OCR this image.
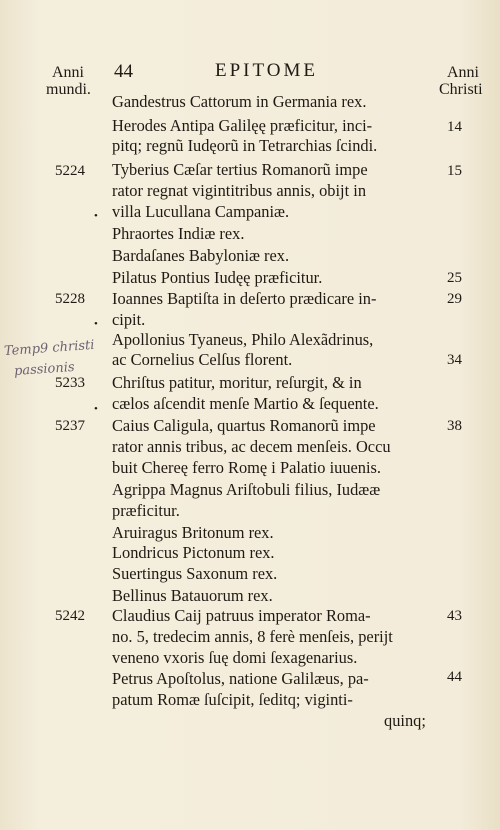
Anni
mundi.
44	EPITOME	Anni
Christi
Gandestrus Cattorum in Germania rex.
Herodes Antipa Galilęę præficitur, inci-
pitq; regnũ Iudęorũ in Tetrarchias ſcindi.
Tyberius Cæſar tertius Romanorũ impe
rator regnat vigintitribus annis, obijt in
villa Lucullana Campaniæ.
Phraortes Indiæ rex.
Bardaſanes Babyloniæ rex.
Pilatus Pontius Iudęę præficitur.
Ioannes Baptiſta in deſerto prædicare in-
cipit.
Apollonius Tyaneus, Philo Alexãdrinus,
ac Cornelius Celſus florent.
Chriſtus patitur, moritur, reſurgit, & in
cælos aſcendit menſe Martio & ſequente.
Caius Caligula, quartus Romanorũ impe
rator annis tribus, ac decem menſeis. Occu
buit Chereę ferro Romę i Palatio iuuenis.
Agrippa Magnus Ariſtobuli filius, Iudææ
præficitur.
Aruiragus Britonum rex.
Londricus Pictonum rex.
Suertingus Saxonum rex.
Bellinus Batauorum rex.
Claudius Caij patruus imperator Roma-
no. 5, tredecim annis, 8 ferè menſeis, perijt
veneno vxoris ſuę domi ſexagenarius.
Petrus Apoſtolus, natione Galilæus, pa-
patum Romæ ſuſcipit, ſeditq; viginti-
quinq;
5224
5228
5233
5237
5242
14
15
25
29
34
38
43
44
Temp9 christi
passionis
•
•
•
